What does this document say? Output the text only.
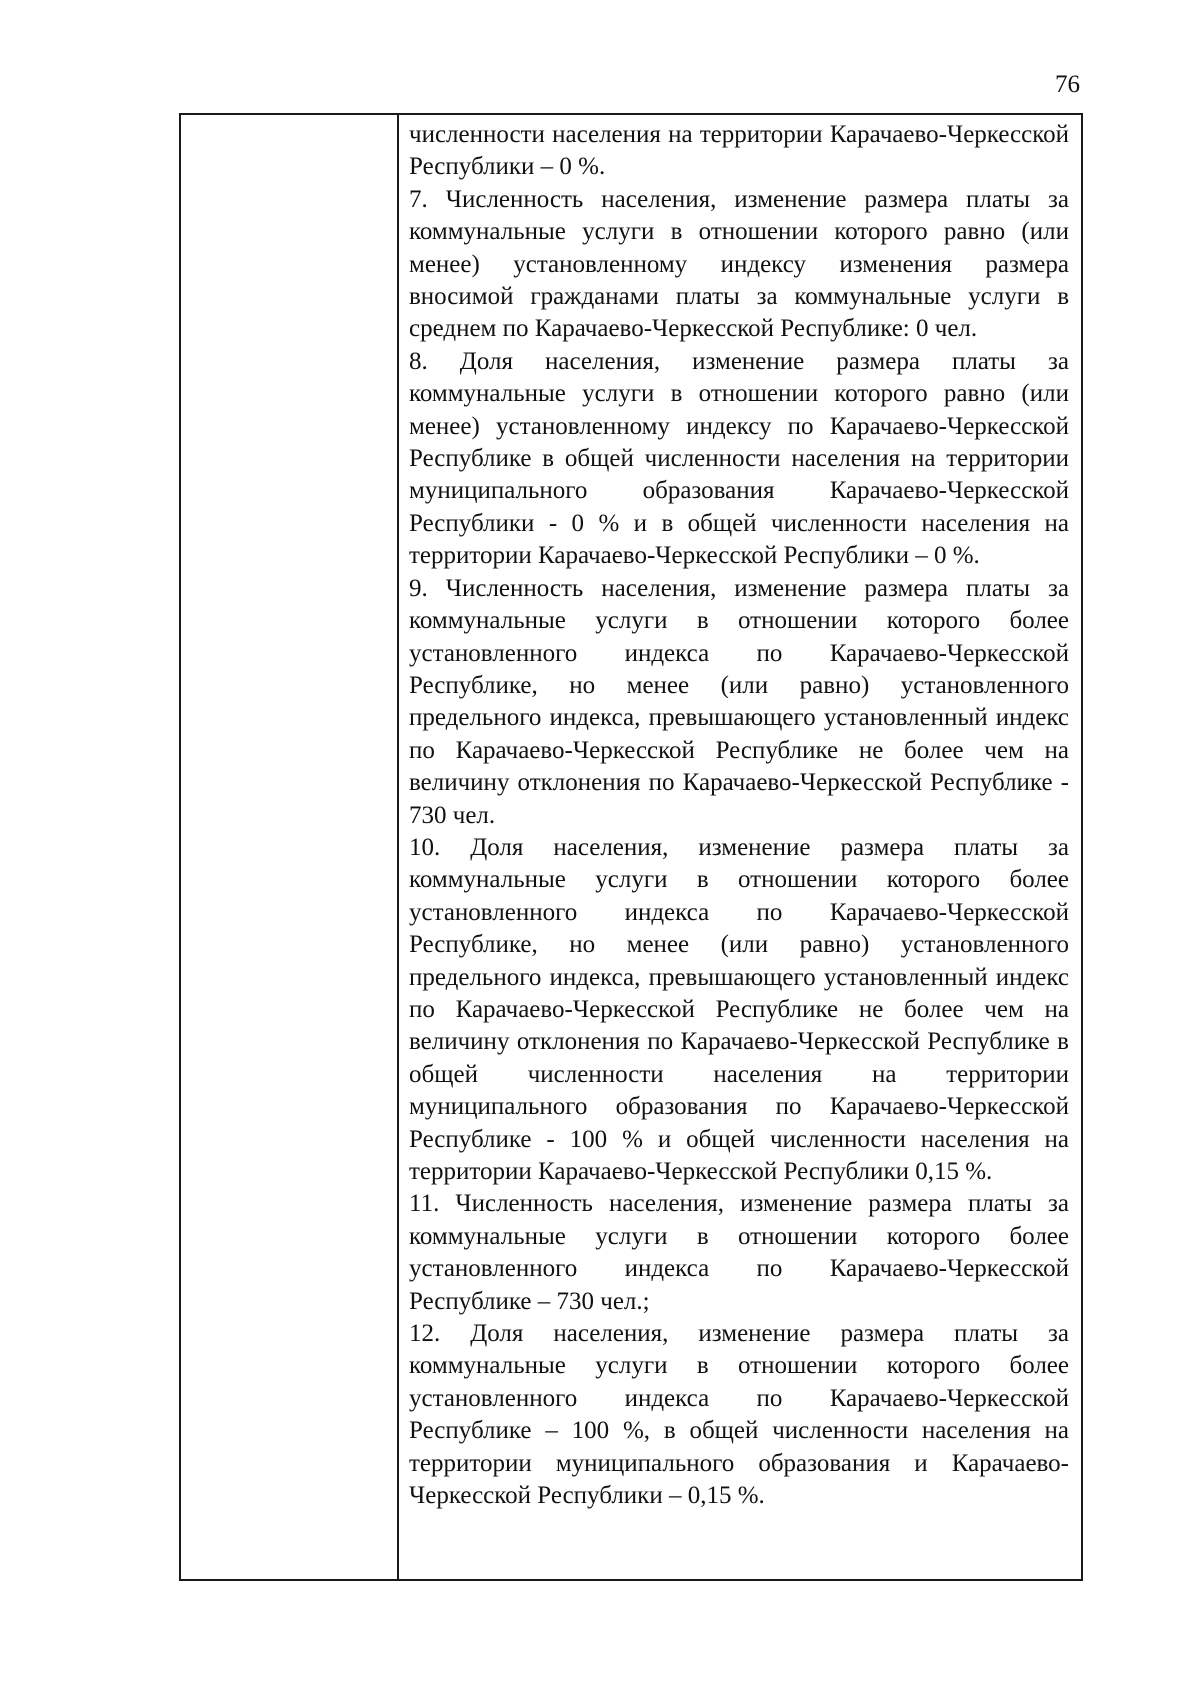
76

численности населения на территории Карачаево-Черкесской Республики – 0 %.

7. Численность населения, изменение размера платы за коммунальные услуги в отношении которого равно (или менее) установленному индексу изменения размера вносимой гражданами платы за коммунальные услуги в среднем по Карачаево-Черкесской Республике: 0 чел.

8. Доля населения, изменение размера платы за коммунальные услуги в отношении которого равно (или менее) установленному индексу по Карачаево-Черкесской Республике в общей численности населения на территории муниципального образования Карачаево-Черкесской Республики - 0 % и в общей численности населения на территории Карачаево-Черкесской Республики – 0 %.

9. Численность населения, изменение размера платы за коммунальные услуги в отношении которого более установленного индекса по Карачаево-Черкесской Республике, но менее (или равно) установленного предельного индекса, превышающего установленный индекс по Карачаево-Черкесской Республике не более чем на величину отклонения по Карачаево-Черкесской Республике - 730 чел.

10. Доля населения, изменение размера платы за коммунальные услуги в отношении которого более установленного индекса по Карачаево-Черкесской Республике, но менее (или равно) установленного предельного индекса, превышающего установленный индекс по Карачаево-Черкесской Республике не более чем на величину отклонения по Карачаево-Черкесской Республике в общей численности населения на территории муниципального образования по Карачаево-Черкесской Республике - 100 % и общей численности населения на территории Карачаево-Черкесской Республики 0,15 %.

11. Численность населения, изменение размера платы за коммунальные услуги в отношении которого более установленного индекса по Карачаево-Черкесской Республике – 730 чел.;

12. Доля населения, изменение размера платы за коммунальные услуги в отношении которого более установленного индекса по Карачаево-Черкесской Республике – 100 %, в общей численности населения на территории муниципального образования и Карачаево-Черкесской Республики – 0,15 %.
